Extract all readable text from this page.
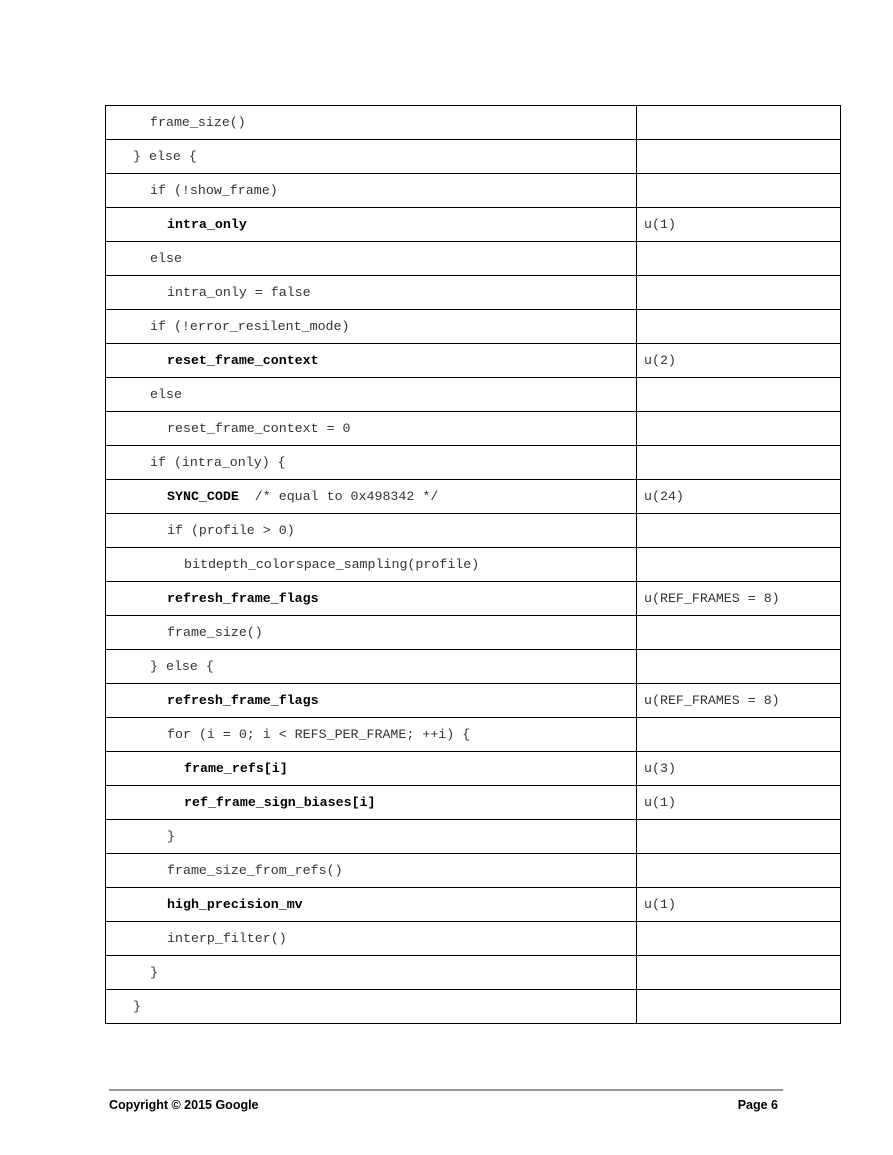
frame_size()	
} else {	
if (!show_frame)	
intra_only	u(1)
else	
intra_only = false	
if (!error_resilent_mode)	
reset_frame_context	u(2)
else	
reset_frame_context = 0	
if (intra_only) {	
SYNC_CODE  /* equal to 0x498342 */	u(24)
if (profile > 0)	
bitdepth_colorspace_sampling(profile)	
refresh_frame_flags	u(REF_FRAMES = 8)
frame_size()	
} else {	
refresh_frame_flags	u(REF_FRAMES = 8)
for (i = 0; i < REFS_PER_FRAME; ++i) {	
frame_refs[i]	u(3)
ref_frame_sign_biases[i]	u(1)
}	
frame_size_from_refs()	
high_precision_mv	u(1)
interp_filter()	
}	
}	
Copyright © 2015 Google	Page 6
